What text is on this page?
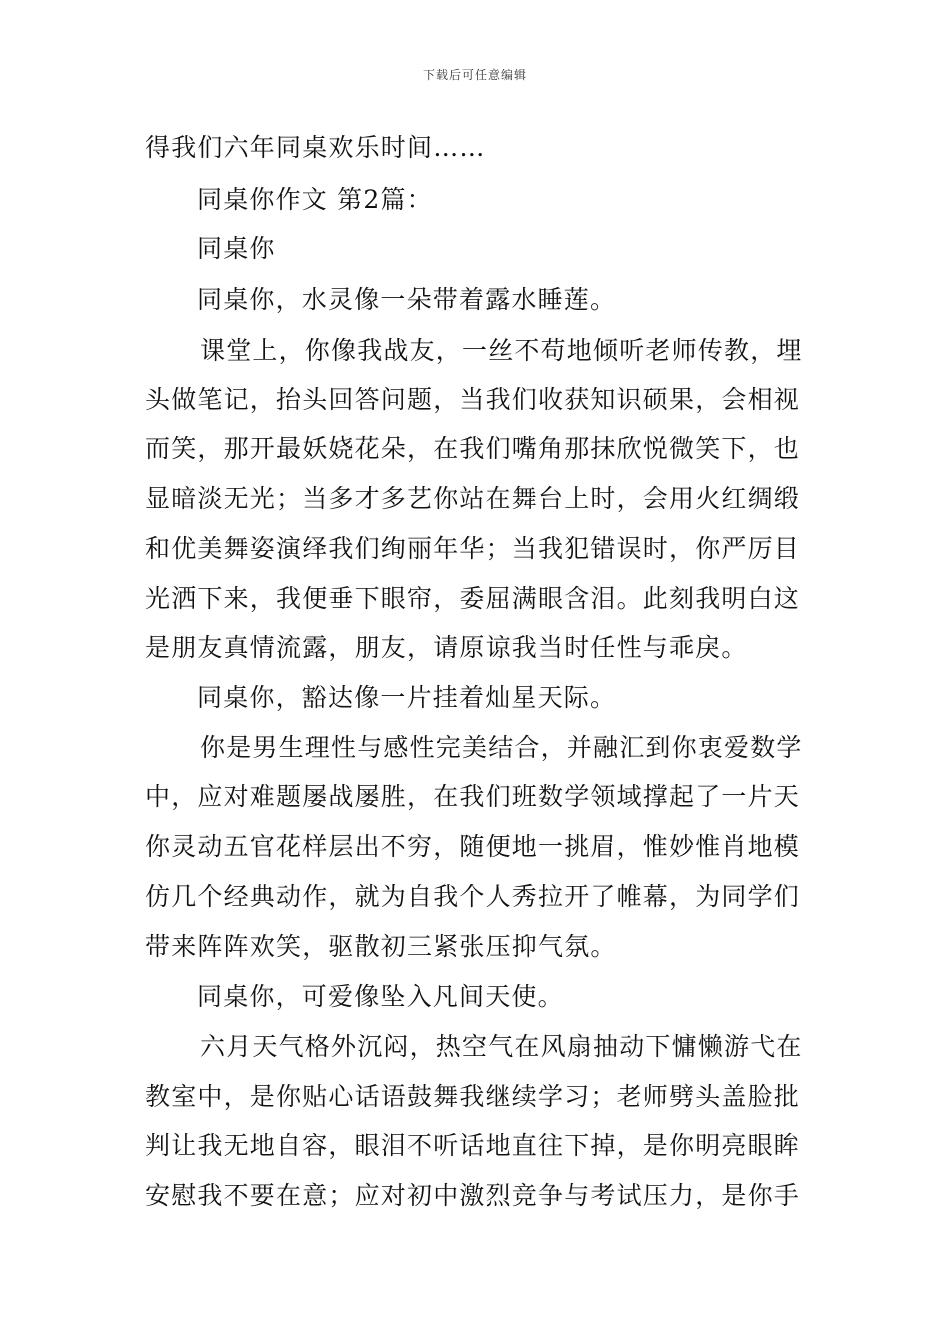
下载后可任意编辑
得我们六年同桌欢乐时间……
同桌你作文 第2篇：
同桌你
同桌你，水灵像一朵带着露水睡莲。
课堂上，你像我战友，一丝不苟地倾听老师传教，埋
头做笔记，抬头回答问题，当我们收获知识硕果，会相视
而笑，那开最妖娆花朵，在我们嘴角那抹欣悦微笑下，也
显暗淡无光；当多才多艺你站在舞台上时，会用火红绸缎
和优美舞姿演绎我们绚丽年华；当我犯错误时，你严厉目
光洒下来，我便垂下眼帘，委屈满眼含泪。此刻我明白这
是朋友真情流露，朋友，请原谅我当时任性与乖戾。
同桌你，豁达像一片挂着灿星天际。
你是男生理性与感性完美结合，并融汇到你衷爱数学
中，应对难题屡战屡胜，在我们班数学领域撑起了一片天
你灵动五官花样层出不穷，随便地一挑眉，惟妙惟肖地模
仿几个经典动作，就为自我个人秀拉开了帷幕，为同学们
带来阵阵欢笑，驱散初三紧张压抑气氛。
同桌你，可爱像坠入凡间天使。
六月天气格外沉闷，热空气在风扇抽动下慵懒游弋在
教室中，是你贴心话语鼓舞我继续学习；老师劈头盖脸批
判让我无地自容，眼泪不听话地直往下掉，是你明亮眼眸
安慰我不要在意；应对初中激烈竞争与考试压力，是你手
